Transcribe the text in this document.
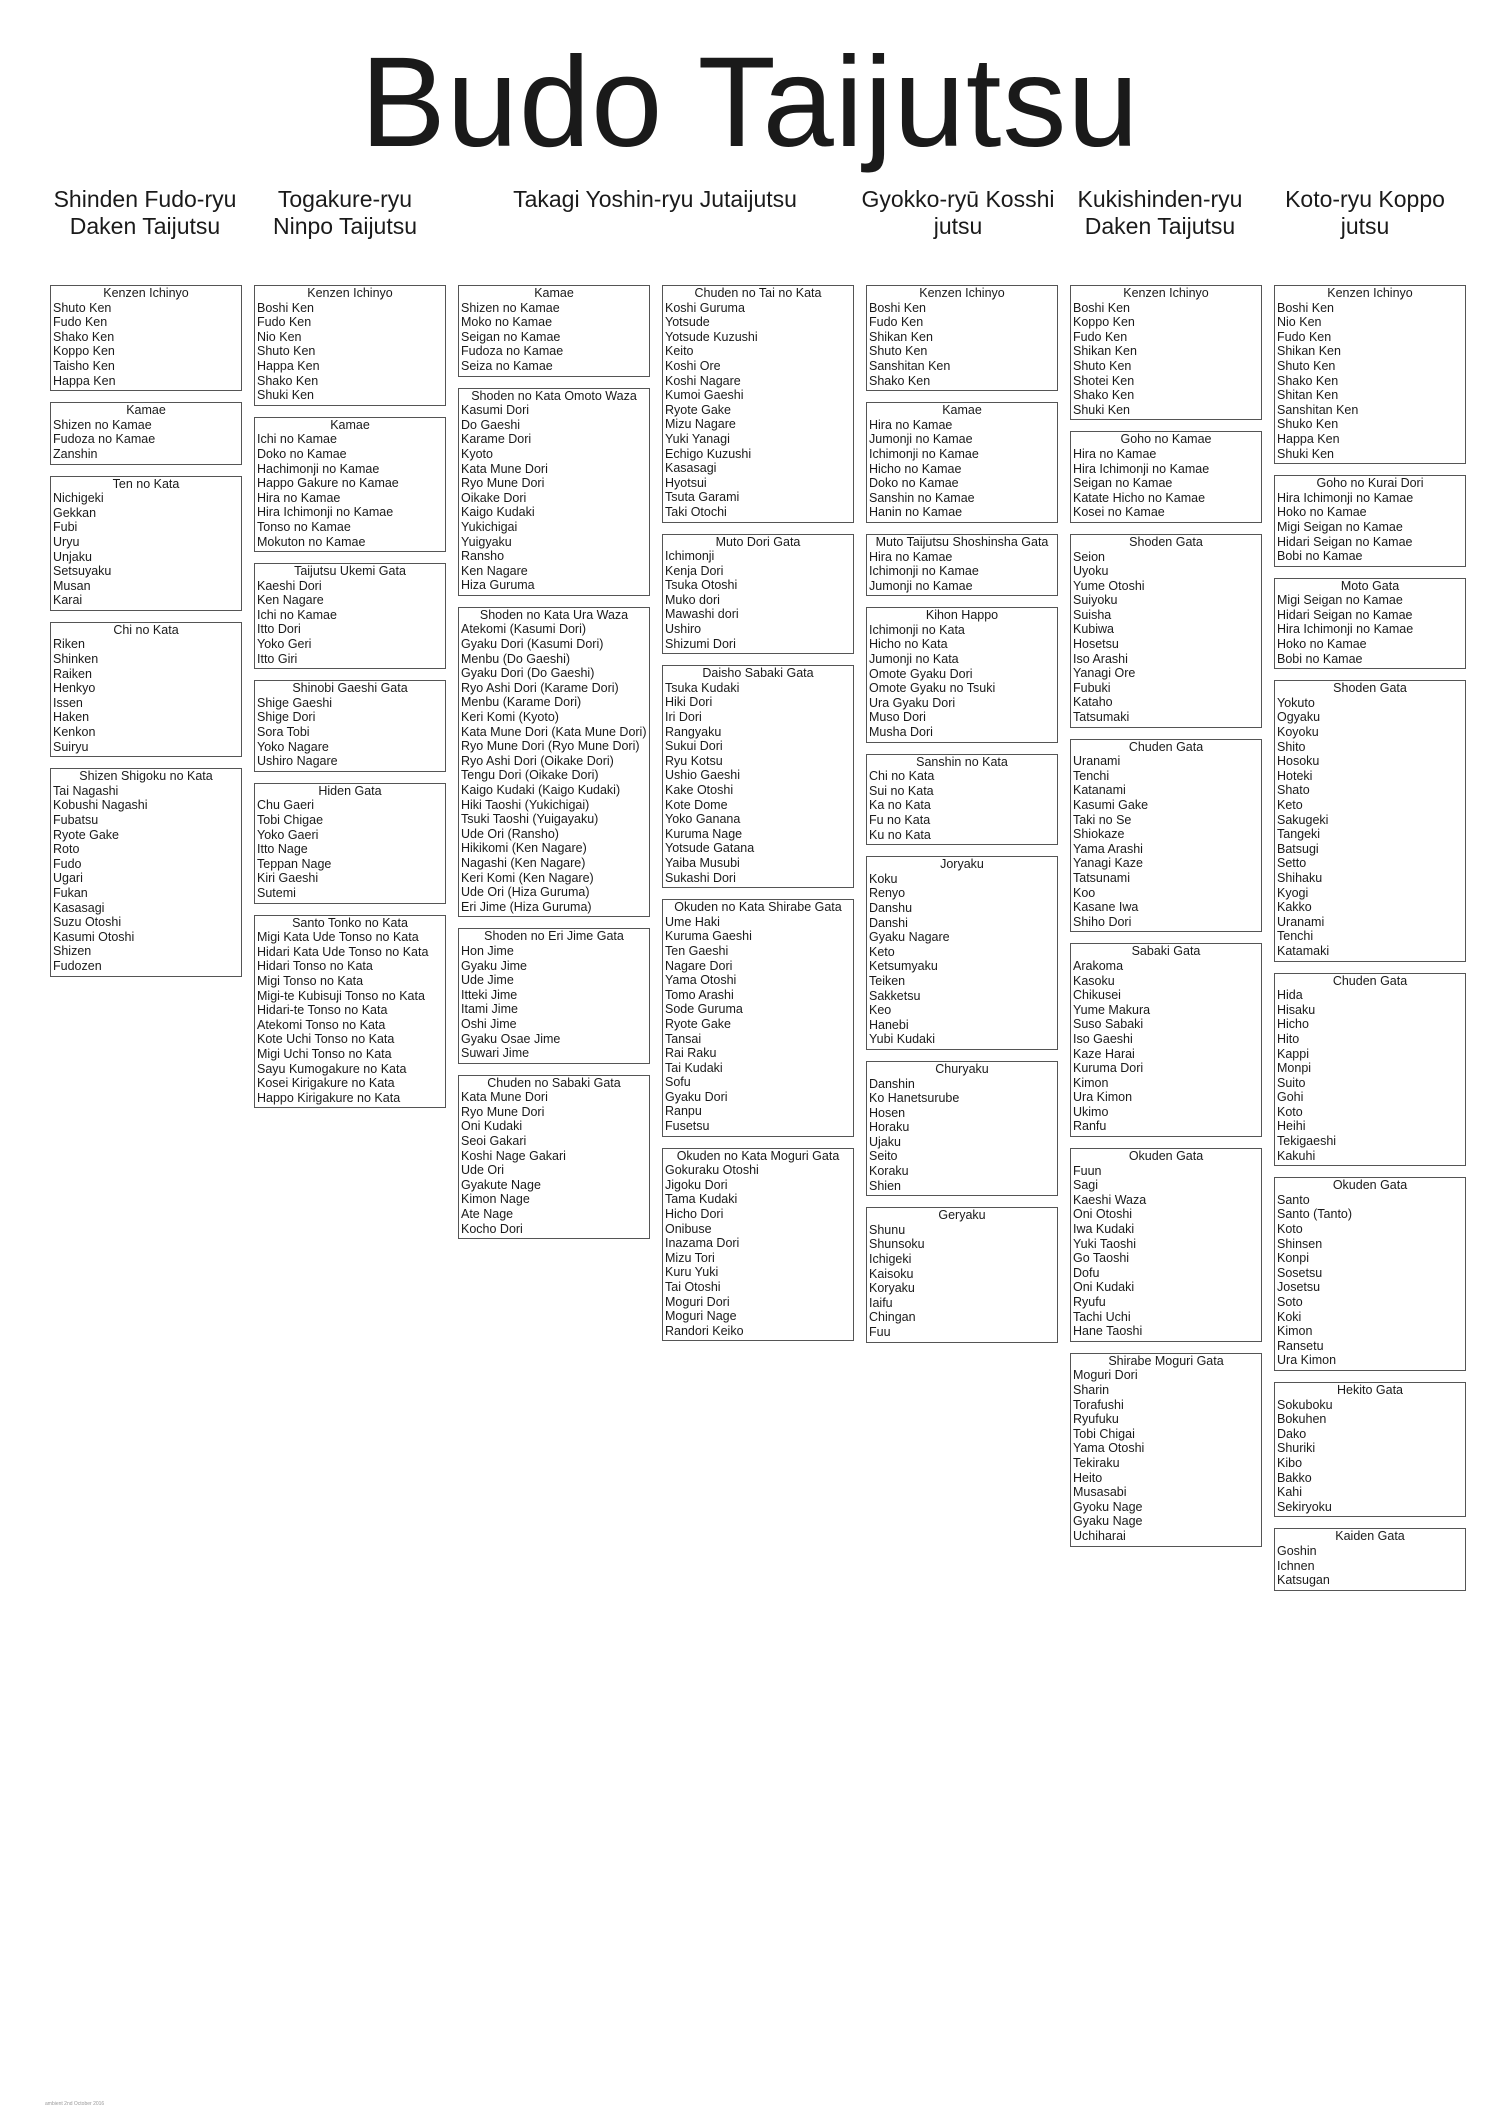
Budo Taijutsu
Shinden Fudo-ryu Daken Taijutsu
Togakure-ryu Ninpo Taijutsu
Takagi Yoshin-ryu Jutaijutsu	Gyokko-ryū Kosshi jutsu
Kukishinden-ryu Daken Taijutsu
Koto-ryu Koppo jutsu
Kenzen Ichinyo
Shuto Ken
Fudo Ken
Shako Ken
Koppo Ken
Taisho Ken
Happa Ken
Kamae
Shizen no Kamae
Fudoza no Kamae
Zanshin
Ten no Kata
Nichigeki
Gekkan
Fubi
Uryu
Unjaku
Setsuyaku
Musan
Karai
Chi no Kata
Riken
Shinken
Raiken
Henkyo
Issen
Haken
Kenkon
Suiryu
Shizen Shigoku no Kata
Tai Nagashi
Kobushi Nagashi
Fubatsu
Ryote Gake
Roto
Fudo
Ugari
Fukan
Kasasagi
Suzu Otoshi
Kasumi Otoshi
Shizen
Fudozen
Kenzen Ichinyo
Boshi Ken
Fudo Ken
Nio Ken
Shuto Ken
Happa Ken
Shako Ken
Shuki Ken
Kamae
Ichi no Kamae
Doko no Kamae
Hachimonji no Kamae
Happo Gakure no Kamae
Hira no Kamae
Hira Ichimonji no Kamae
Tonso no Kamae
Mokuton no Kamae
Taijutsu Ukemi Gata
Kaeshi Dori
Ken Nagare
Ichi no Kamae
Itto Dori
Yoko Geri
Itto Giri
Shinobi Gaeshi Gata
Shige Gaeshi
Shige Dori
Sora Tobi
Yoko Nagare
Ushiro Nagare
Hiden Gata
Chu Gaeri
Tobi Chigae
Yoko Gaeri
Itto Nage
Teppan Nage
Kiri Gaeshi
Sutemi
Santo Tonko no Kata
Migi Kata Ude Tonso no Kata
Hidari Kata Ude Tonso no Kata
Hidari Tonso no Kata
Migi Tonso no Kata
Migi-te Kubisuji Tonso no Kata
Hidari-te Tonso no Kata
Atekomi Tonso no Kata
Kote Uchi Tonso no Kata
Migi Uchi Tonso no Kata
Sayu Kumogakure no Kata
Kosei Kirigakure no Kata
Happo Kirigakure no Kata
Kamae
Shizen no Kamae
Moko no Kamae
Seigan no Kamae
Fudoza no Kamae
Seiza no Kamae
Shoden no Kata Omoto Waza
Kasumi Dori
Do Gaeshi
Karame Dori
Kyoto
Kata Mune Dori
Ryo Mune Dori
Oikake Dori
Kaigo Kudaki
Yukichigai
Yuigyaku
Ransho
Ken Nagare
Hiza Guruma
Shoden no Kata Ura Waza
Atekomi (Kasumi Dori)
Gyaku Dori (Kasumi Dori)
Menbu (Do Gaeshi)
Gyaku Dori (Do Gaeshi)
Ryo Ashi Dori (Karame Dori)
Menbu (Karame Dori)
Keri Komi (Kyoto)
Kata Mune Dori (Kata Mune Dori)
Ryo Mune Dori (Ryo Mune Dori)
Ryo Ashi Dori (Oikake Dori)
Tengu Dori (Oikake Dori)
Kaigo Kudaki (Kaigo Kudaki)
Hiki Taoshi (Yukichigai)
Tsuki Taoshi (Yuigayaku)
Ude Ori (Ransho)
Hikikomi (Ken Nagare)
Nagashi (Ken Nagare)
Keri Komi (Ken Nagare)
Ude Ori (Hiza Guruma)
Eri Jime (Hiza Guruma)
Shoden no Eri Jime Gata
Hon Jime
Gyaku Jime
Ude Jime
Itteki Jime
Itami Jime
Oshi Jime
Gyaku Osae Jime
Suwari Jime
Chuden no Sabaki Gata
Kata Mune Dori
Ryo Mune Dori
Oni Kudaki
Seoi Gakari
Koshi Nage Gakari
Ude Ori
Gyakute Nage
Kimon Nage
Ate Nage
Kocho Dori
Chuden no Tai no Kata
Koshi Guruma
Yotsude
Yotsude Kuzushi
Keito
Koshi Ore
Koshi Nagare
Kumoi Gaeshi
Ryote Gake
Mizu Nagare
Yuki Yanagi
Echigo Kuzushi
Kasasagi
Hyotsui
Tsuta Garami
Taki Otochi
Muto Dori Gata
Ichimonji
Kenja Dori
Tsuka Otoshi
Muko dori
Mawashi dori
Ushiro
Shizumi Dori
Daisho Sabaki Gata
Tsuka Kudaki
Hiki Dori
Iri Dori
Rangyaku
Sukui Dori
Ryu Kotsu
Ushio Gaeshi
Kake Otoshi
Kote Dome
Yoko Ganana
Kuruma Nage
Yotsude Gatana
Yaiba Musubi
Sukashi Dori
Okuden no Kata Shirabe Gata
Ume Haki
Kuruma Gaeshi
Ten Gaeshi
Nagare Dori
Yama Otoshi
Tomo Arashi
Sode Guruma
Ryote Gake
Tansai
Rai Raku
Tai Kudaki
Sofu
Gyaku Dori
Ranpu
Fusetsu
Okuden no Kata Moguri Gata
Gokuraku Otoshi
Jigoku Dori
Tama Kudaki
Hicho Dori
Onibuse
Inazama Dori
Mizu Tori
Kuru Yuki
Tai Otoshi
Moguri Dori
Moguri Nage
Randori Keiko
Kenzen Ichinyo
Boshi Ken
Fudo Ken
Shikan Ken
Shuto Ken
Sanshitan Ken
Shako Ken
Kamae
Hira no Kamae
Jumonji no Kamae
Ichimonji no Kamae
Hicho no Kamae
Doko no Kamae
Sanshin no Kamae
Hanin no Kamae
Muto Taijutsu Shoshinsha Gata
Hira no Kamae
Ichimonji no Kamae
Jumonji no Kamae
Kihon Happo
Ichimonji no Kata
Hicho no Kata
Jumonji no Kata
Omote Gyaku Dori
Omote Gyaku no Tsuki
Ura Gyaku Dori
Muso Dori
Musha Dori
Sanshin no Kata
Chi no Kata
Sui no Kata
Ka no Kata
Fu no Kata
Ku no Kata
Joryaku
Koku
Renyo
Danshu
Danshi
Gyaku Nagare
Keto
Ketsumyaku
Teiken
Sakketsu
Keo
Hanebi
Yubi Kudaki
Churyaku
Danshin
Ko Hanetsurube
Hosen
Horaku
Ujaku
Seito
Koraku
Shien
Geryaku
Shunu
Shunsoku
Ichigeki
Kaisoku
Koryaku
Iaifu
Chingan
Fuu
Kenzen Ichinyo
Boshi Ken
Koppo Ken
Fudo Ken
Shikan Ken
Shuto Ken
Shotei Ken
Shako Ken
Shuki Ken
Goho no Kamae
Hira no Kamae
Hira Ichimonji no Kamae
Seigan no Kamae
Katate Hicho no Kamae
Kosei no Kamae
Shoden Gata
Seion
Uyoku
Yume Otoshi
Suiyoku
Suisha
Kubiwa
Hosetsu
Iso Arashi
Yanagi Ore
Fubuki
Kataho
Tatsumaki
Chuden Gata
Uranami
Tenchi
Katanami
Kasumi Gake
Taki no Se
Shiokaze
Yama Arashi
Yanagi Kaze
Tatsunami
Koo
Kasane Iwa
Shiho Dori
Sabaki Gata
Arakoma
Kasoku
Chikusei
Yume Makura
Suso Sabaki
Iso Gaeshi
Kaze Harai
Kuruma Dori
Kimon
Ura Kimon
Ukimo
Ranfu
Okuden Gata
Fuun
Sagi
Kaeshi Waza
Oni Otoshi
Iwa Kudaki
Yuki Taoshi
Go Taoshi
Dofu
Oni Kudaki
Ryufu
Tachi Uchi
Hane Taoshi
Shirabe Moguri Gata
Moguri Dori
Sharin
Torafushi
Ryufuku
Tobi Chigai
Yama Otoshi
Tekiraku
Heito
Musasabi
Gyoku Nage
Gyaku Nage
Uchiharai
Kenzen Ichinyo
Boshi Ken
Nio Ken
Fudo Ken
Shikan Ken
Shuto Ken
Shako Ken
Shitan Ken
Sanshitan Ken
Shuko Ken
Happa Ken
Shuki Ken
Goho no Kurai Dori
Hira Ichimonji no Kamae
Hoko no Kamae
Migi Seigan no Kamae
Hidari Seigan no Kamae
Bobi no Kamae
Moto Gata
Migi Seigan no Kamae
Hidari Seigan no Kamae
Hira Ichimonji no Kamae
Hoko no Kamae
Bobi no Kamae
Shoden Gata
Yokuto
Ogyaku
Koyoku
Shito
Hosoku
Hoteki
Shato
Keto
Sakugeki
Tangeki
Batsugi
Setto
Shihaku
Kyogi
Kakko
Uranami
Tenchi
Katamaki
Chuden Gata
Hida
Hisaku
Hicho
Hito
Kappi
Monpi
Suito
Gohi
Koto
Heihi
Tekigaeshi
Kakuhi
Okuden Gata
Santo
Santo (Tanto)
Koto
Shinsen
Konpi
Sosetsu
Josetsu
Soto
Koki
Kimon
Ransetu
Ura Kimon
Hekito Gata
Sokuboku
Bokuhen
Dako
Shuriki
Kibo
Bakko
Kahi
Sekiryoku
Kaiden Gata
Goshin
Ichnen
Katsugan
ambient 2nd October 2016
